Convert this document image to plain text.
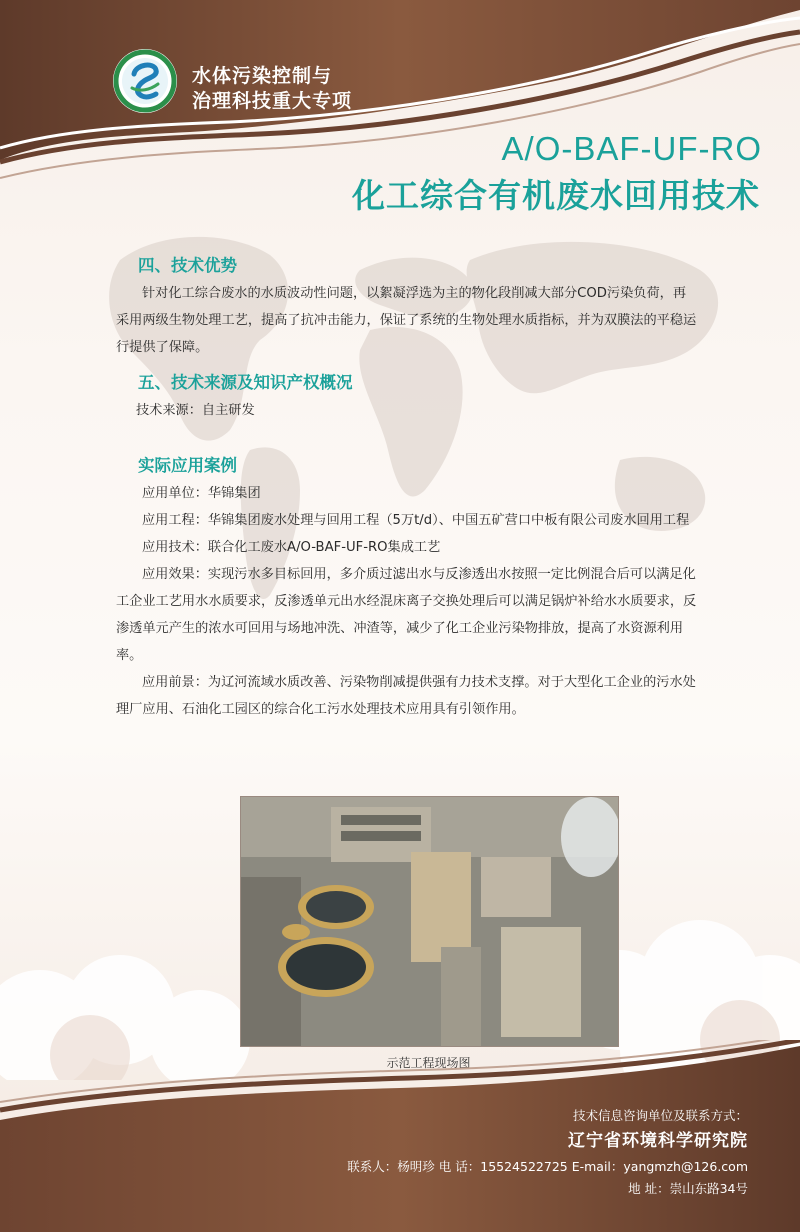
水体污染控制与
治理科技重大专项
A/O-BAF-UF-RO
化工综合有机废水回用技术

四、技术优势

针对化工综合废水的水质波动性问题，以絮凝浮选为主的物化段削减大部分COD污染负荷，再采用两级生物处理工艺，提高了抗冲击能力，保证了系统的生物处理水质指标，并为双膜法的平稳运行提供了保障。

五、技术来源及知识产权概况

技术来源：自主研发

实际应用案例

应用单位：华锦集团

应用工程：华锦集团废水处理与回用工程（5万t/d）、中国五矿营口中板有限公司废水回用工程

应用技术：联合化工废水A/O-BAF-UF-RO集成工艺

应用效果：实现污水多目标回用，多介质过滤出水与反渗透出水按照一定比例混合后可以满足化工企业工艺用水水质要求，反渗透单元出水经混床离子交换处理后可以满足锅炉补给水水质要求，反渗透单元产生的浓水可回用与场地冲洗、冲渣等，减少了化工企业污染物排放，提高了水资源利用率。

应用前景：为辽河流域水质改善、污染物削减提供强有力技术支撑。对于大型化工企业的污水处理厂应用、石油化工园区的综合化工污水处理技术应用具有引领作用。

示范工程现场图
技术信息咨询单位及联系方式：
辽宁省环境科学研究院
联系人：杨明珍 电 话：15524522725 E-mail：yangmzh@126.com
地 址：崇山东路34号
